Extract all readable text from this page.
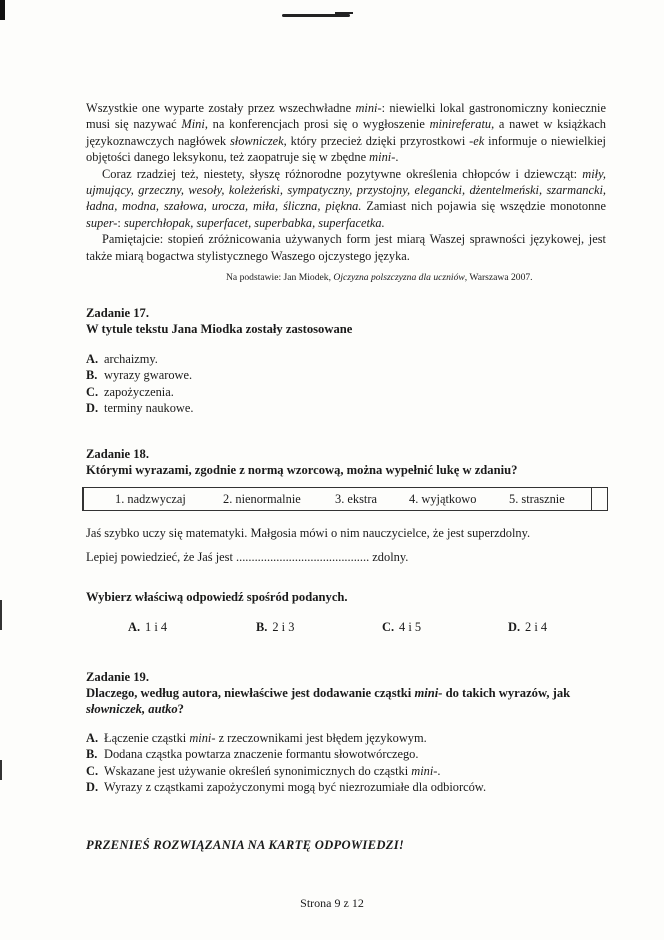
Wszystkie one wyparte zostały przez wszechwładne mini-: niewielki lokal gastronomiczny koniecznie musi się nazywać Mini, na konferencjach prosi się o wygłoszenie minireferatu, a nawet w książkach językoznawczych nagłówek słowniczek, który przecież dzięki przyrostkowi -ek informuje o niewielkiej objętości danego leksykonu, też zaopatruje się w zbędne mini-.

Coraz rzadziej też, niestety, słyszę różnorodne pozytywne określenia chłopców i dziewcząt: miły, ujmujący, grzeczny, wesoły, koleżeński, sympatyczny, przystojny, elegancki, dżentelmeński, szarmancki, ładna, modna, szałowa, urocza, miła, śliczna, piękna. Zamiast nich pojawia się wszędzie monotonne super-: superchłopak, superfacet, superbabka, superfacetka.

Pamiętajcie: stopień zróżnicowania używanych form jest miarą Waszej sprawności językowej, jest także miarą bogactwa stylistycznego Waszego ojczystego języka.

Na podstawie: Jan Miodek, Ojczyzna polszczyzna dla uczniów, Warszawa 2007.
Zadanie 17.
W tytule tekstu Jana Miodka zostały zastosowane
A. archaizmy.
B. wyrazy gwarowe.
C. zapożyczenia.
D. terminy naukowe.
Zadanie 18.
Którymi wyrazami, zgodnie z normą wzorcową, można wypełnić lukę w zdaniu?
1. nadzwyczaj	2. nienormalnie	3. ekstra	4. wyjątkowo	5. strasznie
Jaś szybko uczy się matematyki. Małgosia mówi o nim nauczycielce, że jest superzdolny.
Lepiej powiedzieć, że Jaś jest ........................................... zdolny.
Wybierz właściwą odpowiedź spośród podanych.
A. 1 i 4	B. 2 i 3	C. 4 i 5	D. 2 i 4
Zadanie 19.
Dlaczego, według autora, niewłaściwe jest dodawanie cząstki mini- do takich wyrazów, jak słowniczek, autko?
A. Łączenie cząstki mini- z rzeczownikami jest błędem językowym.
B. Dodana cząstka powtarza znaczenie formantu słowotwórczego.
C. Wskazane jest używanie określeń synonimicznych do cząstki mini-.
D. Wyrazy z cząstkami zapożyczonymi mogą być niezrozumiałe dla odbiorców.
PRZENIEŚ ROZWIĄZANIA NA KARTĘ ODPOWIEDZI!
Strona 9 z 12
